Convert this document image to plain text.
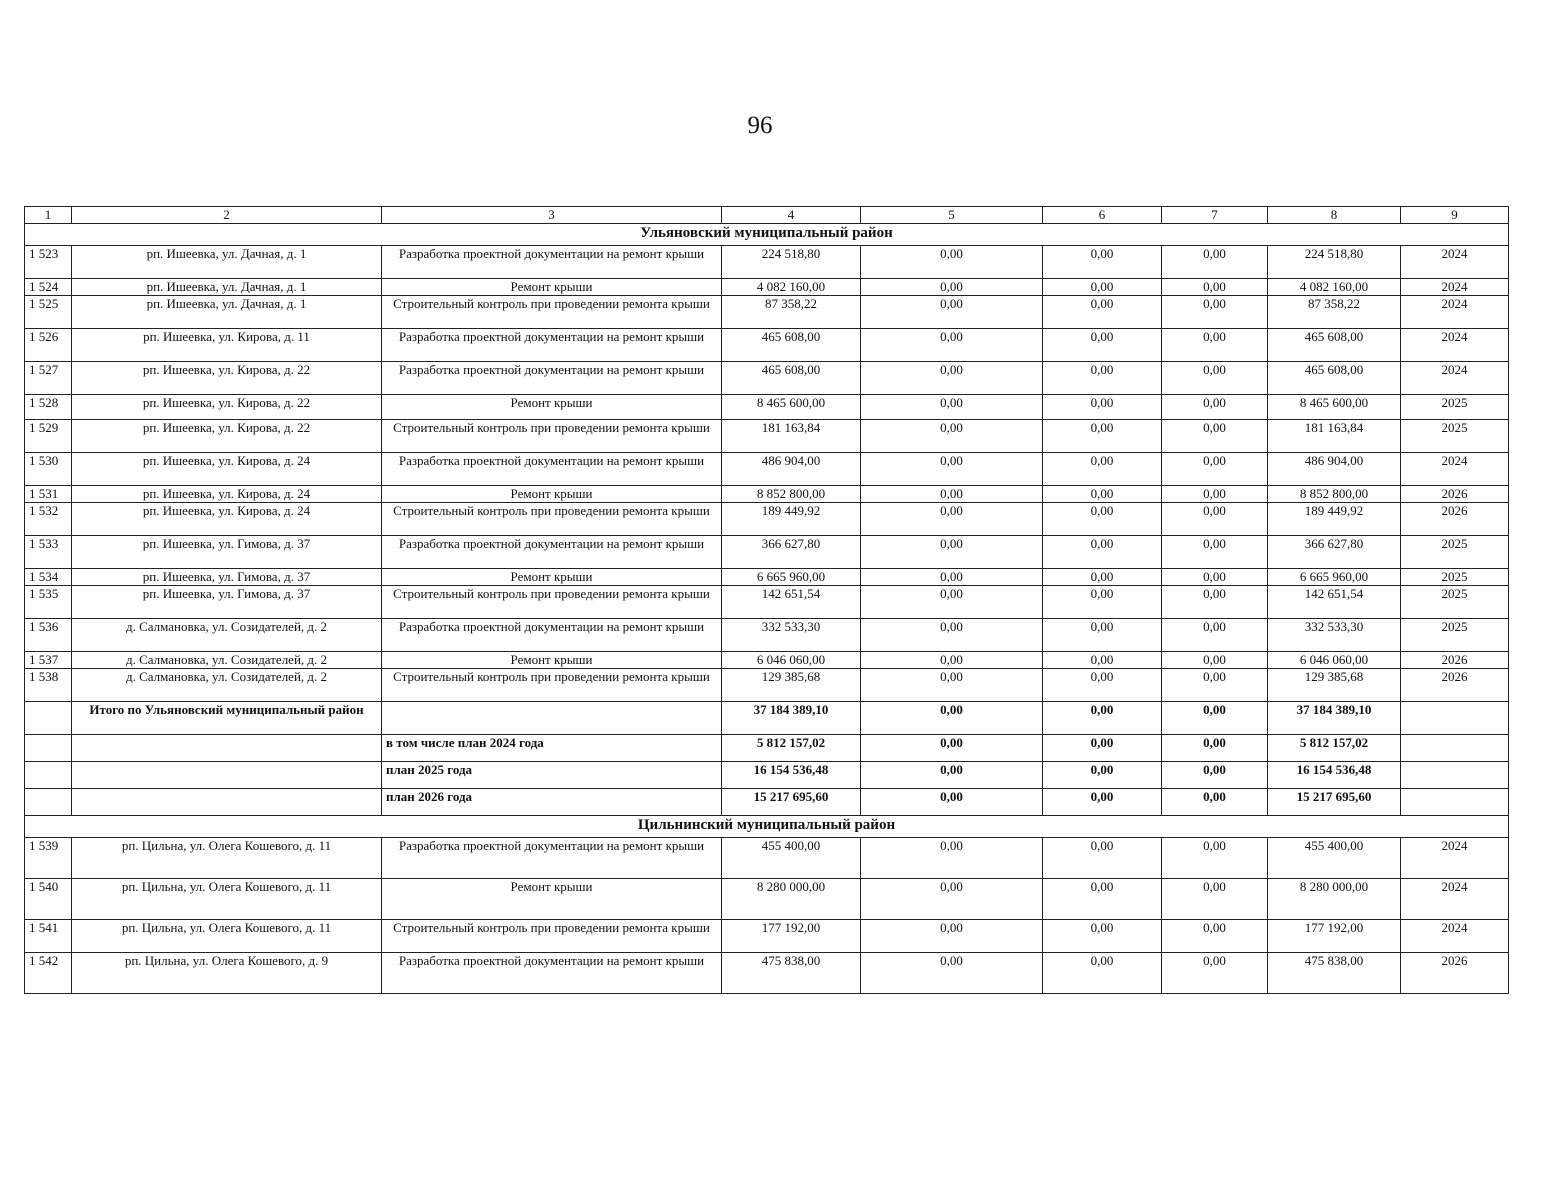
96
1	2	3	4	5	6	7	8	9
Ульяновский муниципальный район								
1 523	рп. Ишеевка, ул. Дачная, д. 1	Разработка проектной документации на ремонт крыши	224 518,80	0,00	0,00	0,00	224 518,80	2024
1 524	рп. Ишеевка, ул. Дачная, д. 1	Ремонт крыши	4 082 160,00	0,00	0,00	0,00	4 082 160,00	2024
1 525	рп. Ишеевка, ул. Дачная, д. 1	Строительный контроль при проведении ремонта крыши	87 358,22	0,00	0,00	0,00	87 358,22	2024
1 526	рп. Ишеевка, ул. Кирова, д. 11	Разработка проектной документации на ремонт крыши	465 608,00	0,00	0,00	0,00	465 608,00	2024
1 527	рп. Ишеевка, ул. Кирова, д. 22	Разработка проектной документации на ремонт крыши	465 608,00	0,00	0,00	0,00	465 608,00	2024
1 528	рп. Ишеевка, ул. Кирова, д. 22	Ремонт крыши	8 465 600,00	0,00	0,00	0,00	8 465 600,00	2025
1 529	рп. Ишеевка, ул. Кирова, д. 22	Строительный контроль при проведении ремонта крыши	181 163,84	0,00	0,00	0,00	181 163,84	2025
1 530	рп. Ишеевка, ул. Кирова, д. 24	Разработка проектной документации на ремонт крыши	486 904,00	0,00	0,00	0,00	486 904,00	2024
1 531	рп. Ишеевка, ул. Кирова, д. 24	Ремонт крыши	8 852 800,00	0,00	0,00	0,00	8 852 800,00	2026
1 532	рп. Ишеевка, ул. Кирова, д. 24	Строительный контроль при проведении ремонта крыши	189 449,92	0,00	0,00	0,00	189 449,92	2026
1 533	рп. Ишеевка, ул. Гимова, д. 37	Разработка проектной документации на ремонт крыши	366 627,80	0,00	0,00	0,00	366 627,80	2025
1 534	рп. Ишеевка, ул. Гимова, д. 37	Ремонт крыши	6 665 960,00	0,00	0,00	0,00	6 665 960,00	2025
1 535	рп. Ишеевка, ул. Гимова, д. 37	Строительный контроль при проведении ремонта крыши	142 651,54	0,00	0,00	0,00	142 651,54	2025
1 536	д. Салмановка, ул. Созидателей, д. 2	Разработка проектной документации на ремонт крыши	332 533,30	0,00	0,00	0,00	332 533,30	2025
1 537	д. Салмановка, ул. Созидателей, д. 2	Ремонт крыши	6 046 060,00	0,00	0,00	0,00	6 046 060,00	2026
1 538	д. Салмановка, ул. Созидателей, д. 2	Строительный контроль при проведении ремонта крыши	129 385,68	0,00	0,00	0,00	129 385,68	2026
	Итого по Ульяновский муниципальный район		37 184 389,10	0,00	0,00	0,00	37 184 389,10	
		в том числе план 2024 года	5 812 157,02	0,00	0,00	0,00	5 812 157,02	
		план 2025 года	16 154 536,48	0,00	0,00	0,00	16 154 536,48	
		план 2026 года	15 217 695,60	0,00	0,00	0,00	15 217 695,60	
Цильнинский муниципальный район								
1 539	рп. Цильна, ул. Олега Кошевого, д. 11	Разработка проектной документации на ремонт крыши	455 400,00	0,00	0,00	0,00	455 400,00	2024
1 540	рп. Цильна, ул. Олега Кошевого, д. 11	Ремонт крыши	8 280 000,00	0,00	0,00	0,00	8 280 000,00	2024
1 541	рп. Цильна, ул. Олега Кошевого, д. 11	Строительный контроль при проведении ремонта крыши	177 192,00	0,00	0,00	0,00	177 192,00	2024
1 542	рп. Цильна, ул. Олега Кошевого, д. 9	Разработка проектной документации на ремонт крыши	475 838,00	0,00	0,00	0,00	475 838,00	2026
